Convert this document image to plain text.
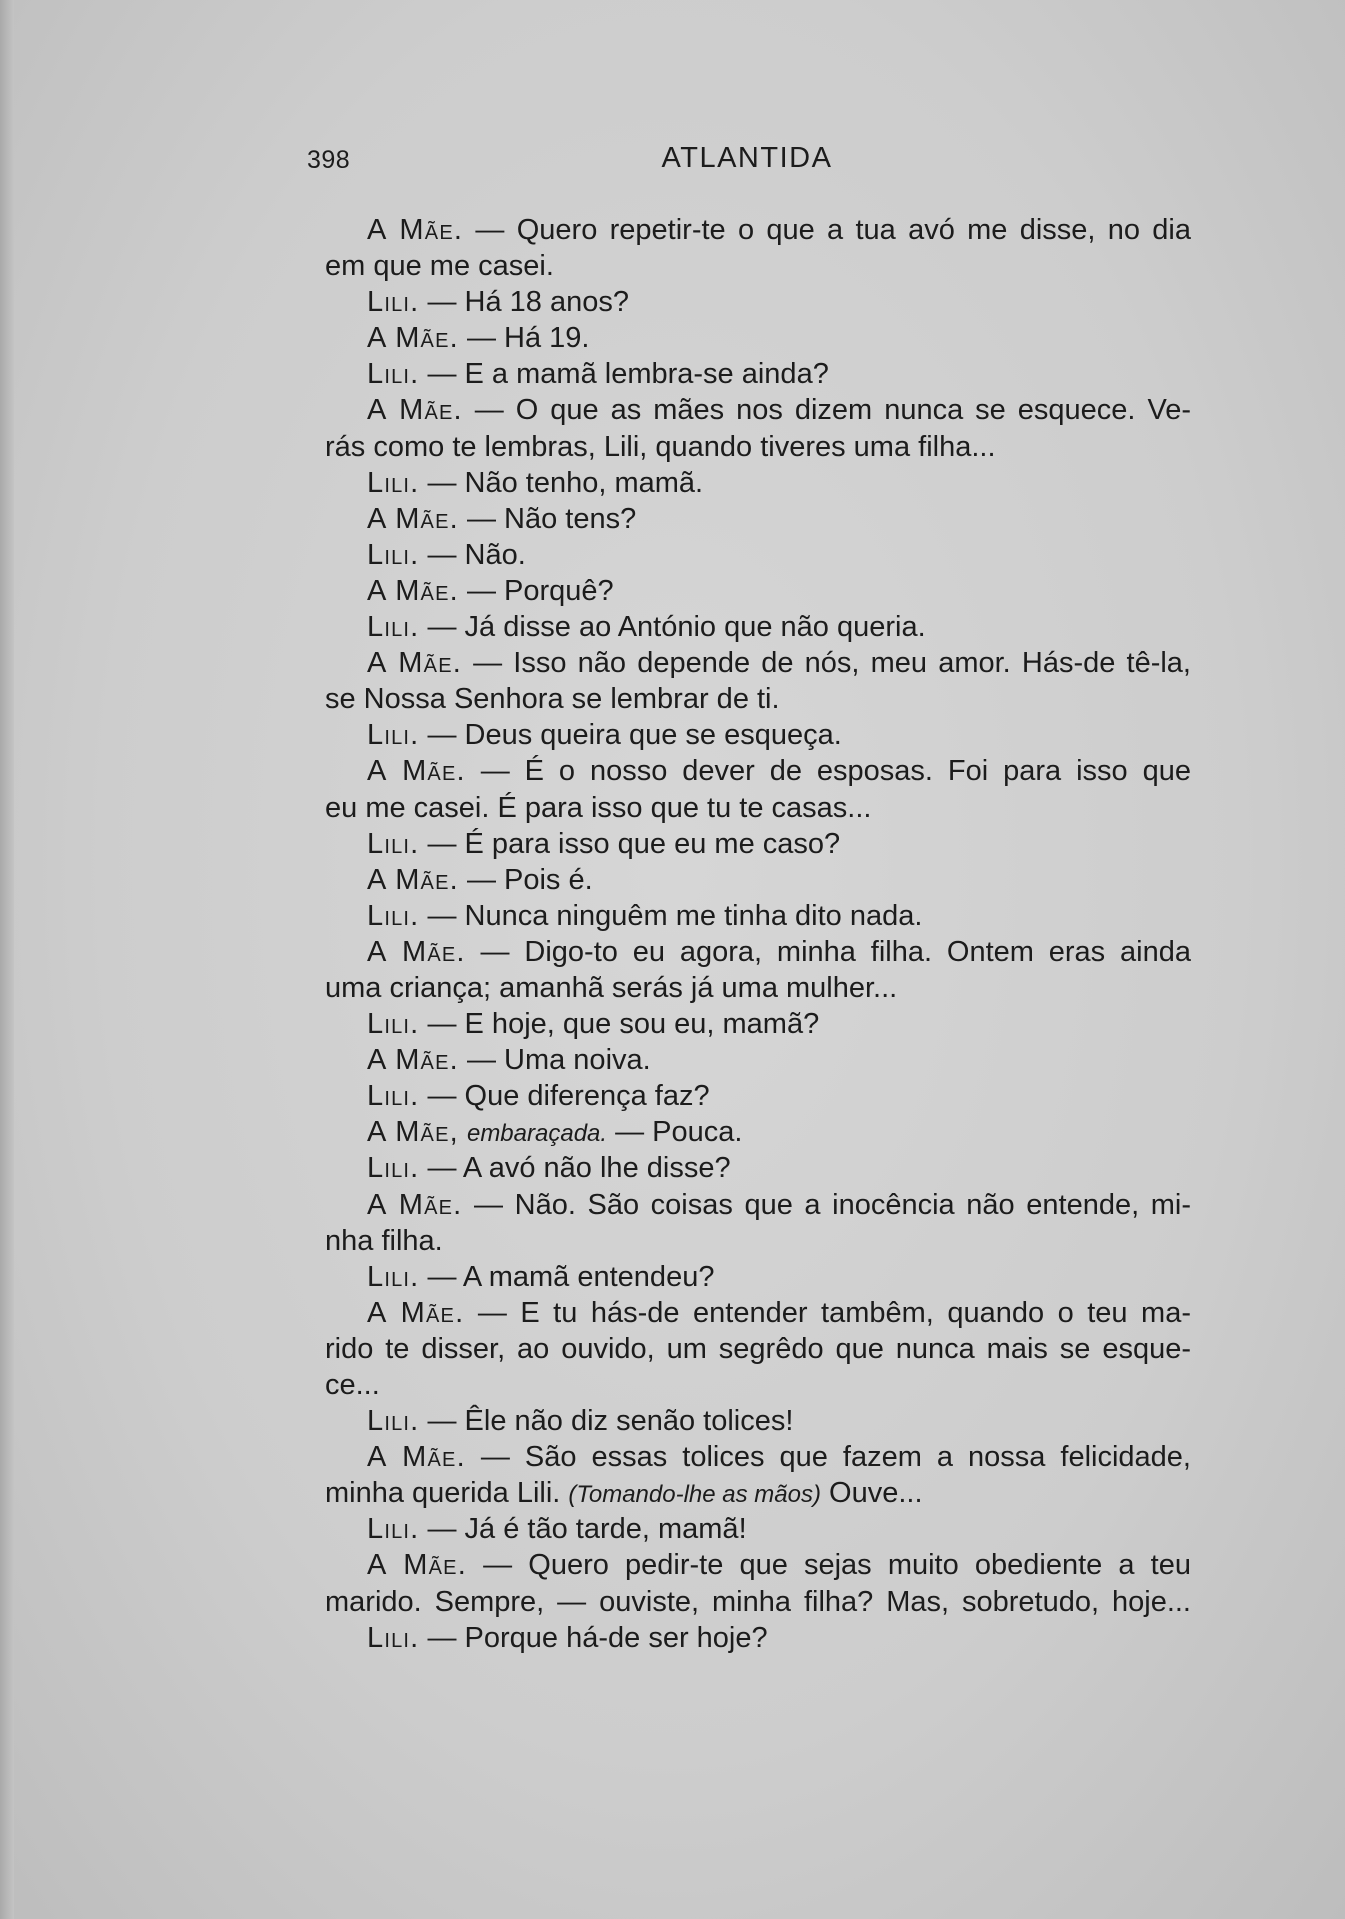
398	ATLANTIDA
A Mãe. — Quero repetir-te o que a tua avó me disse, no dia
em que me casei.
Lili. — Há 18 anos?
A Mãe. — Há 19.
Lili. — E a mamã lembra-se ainda?
A Mãe. — O que as mães nos dizem nunca se esquece. Ve-
rás como te lembras, Lili, quando tiveres uma filha...
Lili. — Não tenho, mamã.
A Mãe. — Não tens?
Lili. — Não.
A Mãe. — Porquê?
Lili. — Já disse ao António que não queria.
A Mãe. — Isso não depende de nós, meu amor. Hás-de tê-la,
se Nossa Senhora se lembrar de ti.
Lili. — Deus queira que se esqueça.
A Mãe. — É o nosso dever de esposas. Foi para isso que
eu me casei. É para isso que tu te casas...
Lili. — É para isso que eu me caso?
A Mãe. — Pois é.
Lili. — Nunca ninguêm me tinha dito nada.
A Mãe. — Digo-to eu agora, minha filha. Ontem eras ainda
uma criança; amanhã serás já uma mulher...
Lili. — E hoje, que sou eu, mamã?
A Mãe. — Uma noiva.
Lili. — Que diferença faz?
A Mãe, embaraçada. — Pouca.
Lili. — A avó não lhe disse?
A Mãe. — Não. São coisas que a inocência não entende, mi-
nha filha.
Lili. — A mamã entendeu?
A Mãe. — E tu hás-de entender tambêm, quando o teu ma-
rido te disser, ao ouvido, um segrêdo que nunca mais se esque-
ce...
Lili. — Êle não diz senão tolices!
A Mãe. — São essas tolices que fazem a nossa felicidade,
minha querida Lili. (Tomando-lhe as mãos) Ouve...
Lili. — Já é tão tarde, mamã!
A Mãe. — Quero pedir-te que sejas muito obediente a teu
marido. Sempre, — ouviste, minha filha? Mas, sobretudo, hoje...
Lili. — Porque há-de ser hoje?
